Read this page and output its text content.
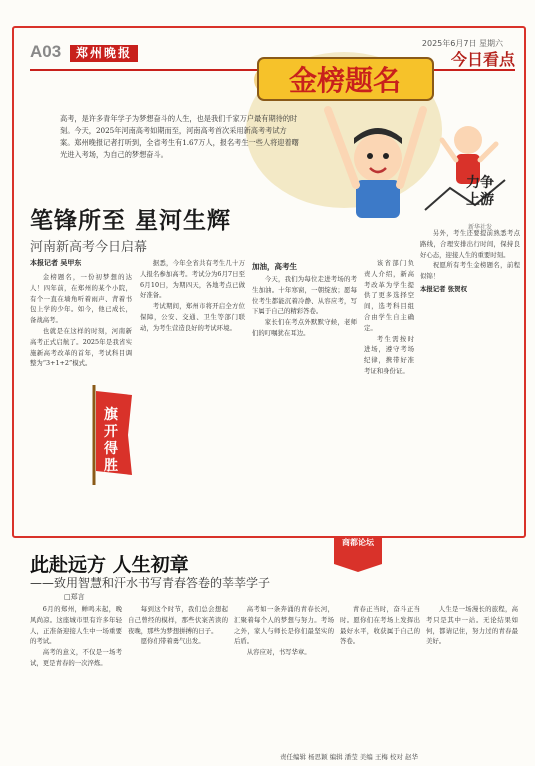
A03	郑州晚报
2025年6月7日 星期六
今日看点
金榜题名
力争上游
新华社发
高考，是许多青年学子为梦想奋斗的人生，也是我们千家万户最有期待的时刻。今天，2025年河南高考如期而至，河南高考首次采用新高考考试方案。郑州晚报记者打听到，全省考生有1.67万人，报名考生一些人将迎着曙光进入考场，为自己的梦想奋斗。
笔锋所至 星河生辉
河南新高考今日启幕
本报记者 吴甲东

金榜题名，一份初梦想的达人！四年前，在郑州的某个小院，有个一直在墙角听着雨声、背着书包上学的少年。如今，他已成长，备战高考。

也就是在这样的时刻，河南新高考正式启航了。2025年是我省实施新高考改革的首年，考试科目调整为“3+1+2”模式。

旗开得胜

据悉，今年全省共有考生几十万人报名参加高考。考试分为6月7日至6月10日，为期四天，各地考点已做好准备。

考试期间，郑州市将开启全方位保障，公安、交通、卫生等部门联动，为考生营造良好的考试环境。

加油，高考生

今天，我们为每位走进考场的考生加油。十年寒窗，一朝绽放；愿每位考生都能沉着冷静、从容应考，写下属于自己的精彩答卷。

家长们在考点外默默守候，老师们的叮嘱犹在耳边。

该省部门负责人介绍，新高考改革为学生提供了更多选择空间，选考科目组合由学生自主确定。

考生需按时进场，遵守考场纪律，携带好准考证和身份证。

另外，考生还要提前熟悉考点路线，合理安排出行时间，保持良好心态，迎接人生的重要时刻。

祝愿所有考生金榜题名，前程似锦！

本报记者 张贺权
此赴远方 人生初章
——致用智慧和汗水书写青春答卷的莘莘学子
□郑言
商都论坛

6月的郑州，蝉鸣未起，晚风尚凉。这座城市里有许多年轻人，正准备迎接人生中一场重要的考试。

高考的意义，不仅是一场考试，更是青春的一次淬炼。

每到这个时节，我们总会想起自己曾经的模样，那些伏案苦读的夜晚，那些为梦想拼搏的日子。

愿你们带着勇气出发。

高考如一条奔涌的青春长河，汇聚着每个人的梦想与努力。考场之外，家人与师长是你们最坚实的后盾。

从容应对，书写华章。

青春正当时，奋斗正当时。愿你们在考场上发挥出最好水平，收获属于自己的答卷。

人生是一场漫长的旅程，高考只是其中一站。无论结果如何，都请记住，努力过的青春最美好。

责任编辑 杨思颖 编辑 潘莹 美编 王梅 校对 赵华
